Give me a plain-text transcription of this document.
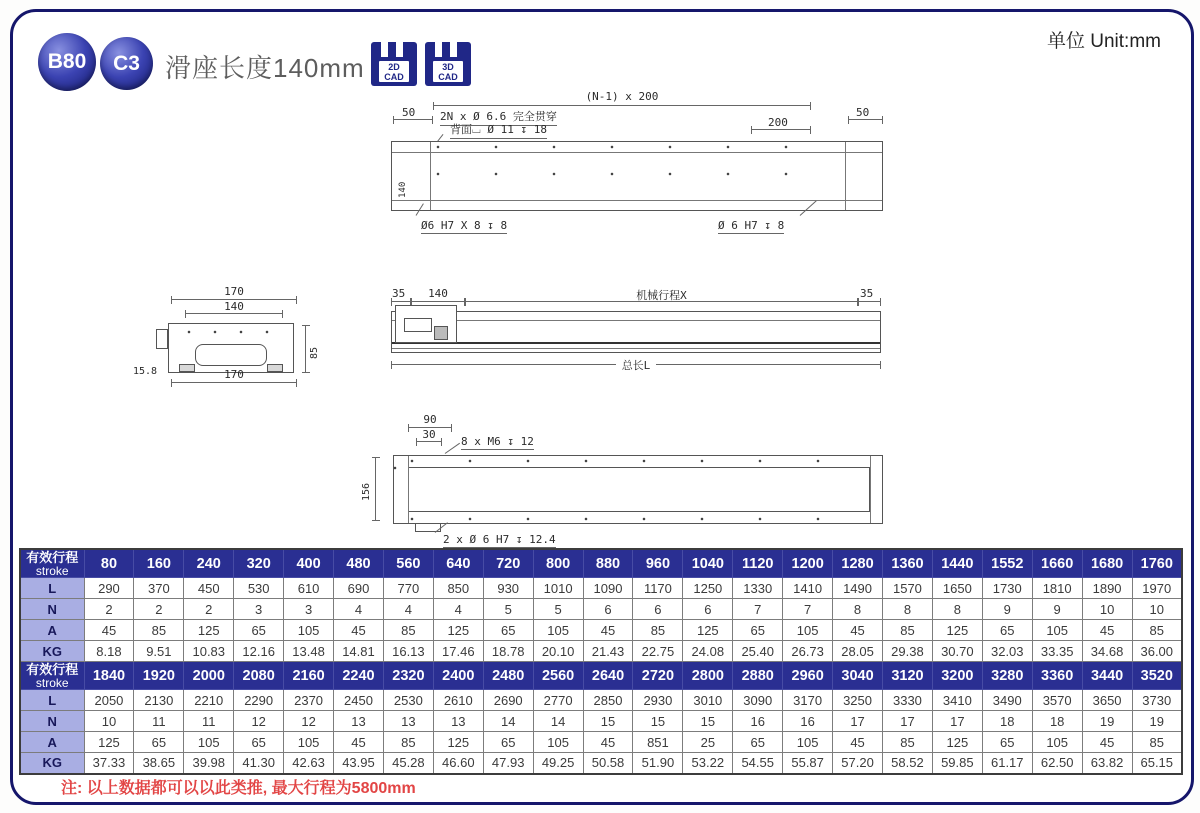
B80 C3 滑座长度140mm	2D
CAD
3D
CAD
单位 Unit:mm
(N-1) x 200
50	50
200
2N x Ø 6.6 完全贯穿
背面⌴ Ø 11 ↧ 18
140
Ø6 H7 X 8 ↧ 8	Ø 6 H7 ↧ 8
170
140
85
15.8	170
35	140	机械行程X	35
总长L
90
30
8 x M6 ↧ 12
156
2 x Ø 6 H7 ↧ 12.4
有效行程
stroke	80	160	240	320	400	480	560	640	720	800	880	960	1040	1120	1200	1280	1360	1440	1552	1660	1680	1760
L	290	370	450	530	610	690	770	850	930	1010	1090	1170	1250	1330	1410	1490	1570	1650	1730	1810	1890	1970
N	2	2	2	3	3	4	4	4	5	5	6	6	6	7	7	8	8	8	9	9	10	10
A	45	85	125	65	105	45	85	125	65	105	45	85	125	65	105	45	85	125	65	105	45	85
KG	8.18	9.51	10.83	12.16	13.48	14.81	16.13	17.46	18.78	20.10	21.43	22.75	24.08	25.40	26.73	28.05	29.38	30.70	32.03	33.35	34.68	36.00

有效行程
stroke	1840	1920	2000	2080	2160	2240	2320	2400	2480	2560	2640	2720	2800	2880	2960	3040	3120	3200	3280	3360	3440	3520
L	2050	2130	2210	2290	2370	2450	2530	2610	2690	2770	2850	2930	3010	3090	3170	3250	3330	3410	3490	3570	3650	3730
N	10	11	11	12	12	13	13	13	14	14	15	15	15	16	16	17	17	17	18	18	19	19
A	125	65	105	65	105	45	85	125	65	105	45	851	25	65	105	45	85	125	65	105	45	85
KG	37.33	38.65	39.98	41.30	42.63	43.95	45.28	46.60	47.93	49.25	50.58	51.90	53.22	54.55	55.87	57.20	58.52	59.85	61.17	62.50	63.82	65.15
注: 以上数据都可以以此类推, 最大行程为5800mm
